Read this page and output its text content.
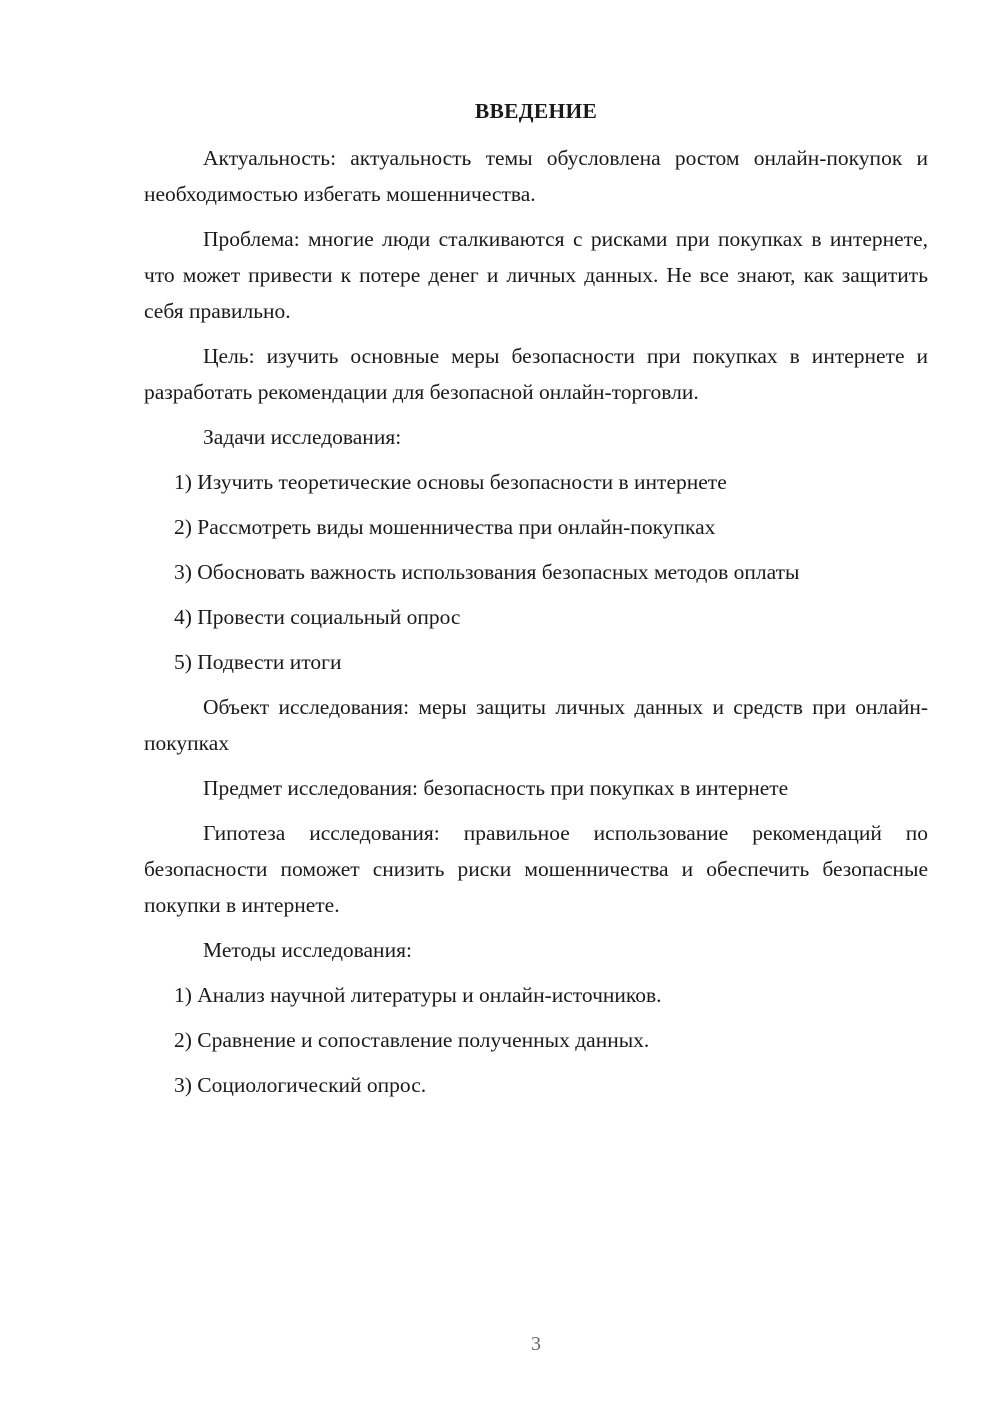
ВВЕДЕНИЕ

Актуальность: актуальность темы обусловлена ростом онлайн-покупок и необходимостью избегать мошенничества.

Проблема: многие люди сталкиваются с рисками при покупках в интернете, что может привести к потере денег и личных данных. Не все знают, как защитить себя правильно.

Цель: изучить основные меры безопасности при покупках в интернете и разработать рекомендации для безопасной онлайн-торговли.

Задачи исследования:

1) Изучить теоретические основы безопасности в интернете

2) Рассмотреть виды мошенничества при онлайн-покупках

3) Обосновать важность использования безопасных методов оплаты

4) Провести социальный опрос

5) Подвести итоги

Объект исследования: меры защиты личных данных и средств при онлайн-покупках

Предмет исследования: безопасность при покупках в интернете

Гипотеза исследования: правильное использование рекомендаций по безопасности поможет снизить риски мошенничества и обеспечить безопасные покупки в интернете.

Методы исследования:

1) Анализ научной литературы и онлайн-источников.

2) Сравнение и сопоставление полученных данных.

3) Социологический опрос.

3
